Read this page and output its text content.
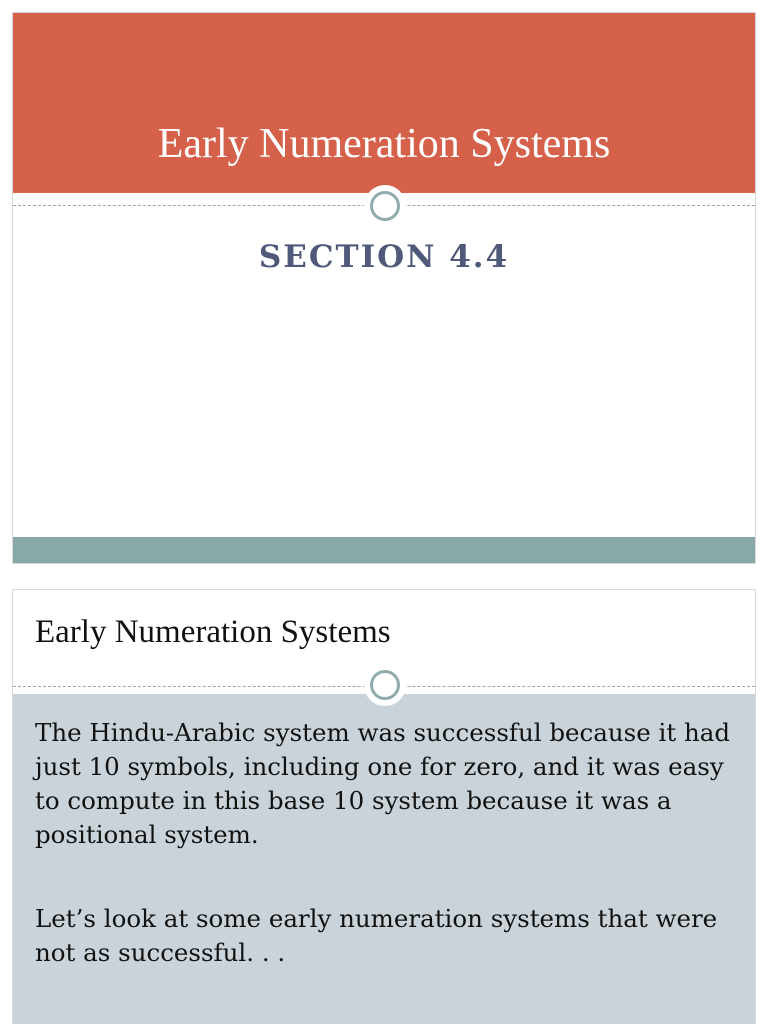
Early Numeration Systems
SECTION 4.4
Early Numeration Systems

The Hindu-Arabic system was successful because it had just 10 symbols, including one for zero, and it was easy to compute in this base 10 system because it was a positional system.

Let’s look at some early numeration systems that were not as successful. . .
